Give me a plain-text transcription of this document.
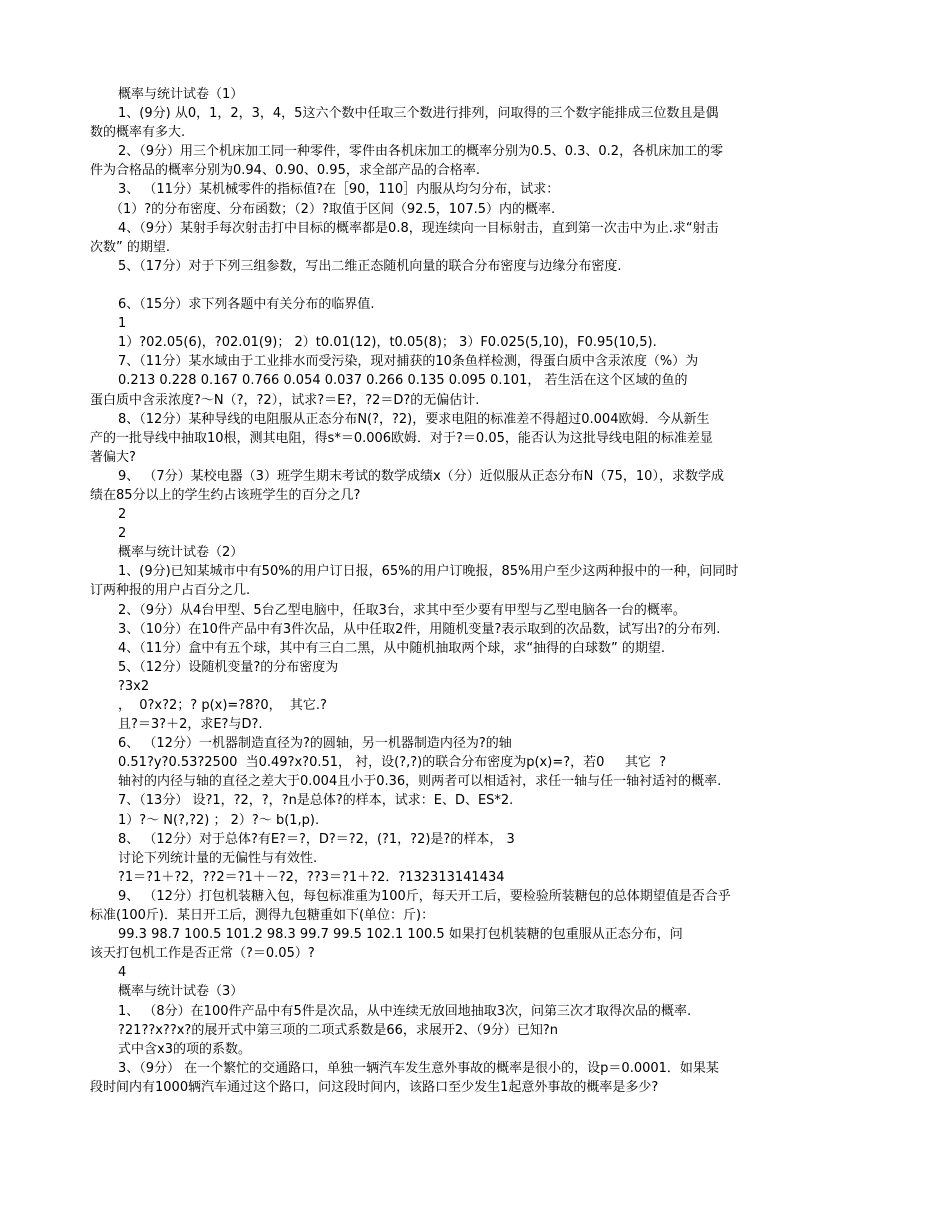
概率与统计试卷（1）
1、(9分) 从0，1，2，3，4，5这六个数中任取三个数进行排列，问取得的三个数字能排成三位数且是偶
数的概率有多大.
2、（9分）用三个机床加工同一种零件，零件由各机床加工的概率分别为0.5、0.3、0.2，各机床加工的零
件为合格品的概率分别为0.94、0.90、0.95，求全部产品的合格率.
3、 （11分）某机械零件的指标值?在［90，110］内服从均匀分布，试求：
（1）?的分布密度、分布函数；（2）?取值于区间（92.5，107.5）内的概率.
4、（9分）某射手每次射击打中目标的概率都是0.8，现连续向一目标射击，直到第一次击中为止.求“射击
次数” 的期望.
5、（17分）对于下列三组参数，写出二维正态随机向量的联合分布密度与边缘分布密度.
6、（15分）求下列各题中有关分布的临界值.
1
1）?02.05(6)，?02.01(9)； 2）t0.01(12)，t0.05(8)； 3）F0.025(5,10)，F0.95(10,5).
7、（11分）某水域由于工业排水而受污染，现对捕获的10条鱼样检测，得蛋白质中含汞浓度（%）为
0.213 0.228 0.167 0.766 0.054 0.037 0.266 0.135 0.095 0.101， 若生活在这个区域的鱼的
蛋白质中含汞浓度?～N（?，?2），试求?＝E?，?2＝D?的无偏估计.
8、（12分）某种导线的电阻服从正态分布N(?，?2)，要求电阻的标准差不得超过0.004欧姆．今从新生
产的一批导线中抽取10根，测其电阻，得s*＝0.006欧姆．对于?＝0.05，能否认为这批导线电阻的标准差显
著偏大?
9、 （7分）某校电器（3）班学生期末考试的数学成绩x（分）近似服从正态分布N（75，10），求数学成
绩在85分以上的学生约占该班学生的百分之几?
2
2
概率与统计试卷（2）
1、(9分)已知某城市中有50%的用户订日报，65%的用户订晚报，85%用户至少这两种报中的一种，问同时
订两种报的用户占百分之几.
2、（9分）从4台甲型、5台乙型电脑中，任取3台，求其中至少要有甲型与乙型电脑各一台的概率。
3、（10分）在10件产品中有3件次品，从中任取2件，用随机变量?表示取到的次品数，试写出?的分布列.
4、（11分）盒中有五个球，其中有三白二黑，从中随机抽取两个球，求“抽得的白球数” 的期望.
5、（12分）设随机变量?的分布密度为
?3x2
，  0?x?2；? p(x)=?8?0，  其它.?
且?＝3?＋2，求E?与D?.
6、 （12分）一机器制造直径为?的圆轴，另一机器制造内径为?的轴
0.51?y?0.53?2500  当0.49?x?0.51， 衬，设(?,?)的联合分布密度为p(x)=?，若0     其它  ?
轴衬的内径与轴的直径之差大于0.004且小于0.36，则两者可以相适衬，求任一轴与任一轴衬适衬的概率.
7、（13分） 设?1，?2，?，?n是总体?的样本，试求：E、D、ES*2.
1）?～ N(?,?2) ； 2）?～ b(1,p).
8、 （12分）对于总体?有E?＝?，D?＝?2，(?1，?2)是?的样本， 3
讨论下列统计量的无偏性与有效性.
?1＝?1＋?2，??2＝?1＋－?2，??3＝?1＋?2．?132313141434
9、 （12分）打包机装糖入包，每包标准重为100斤，每天开工后，要检验所装糖包的总体期望值是否合乎
标准(100斤)．某日开工后，测得九包糖重如下(单位：斤)：
99.3 98.7 100.5 101.2 98.3 99.7 99.5 102.1 100.5 如果打包机装糖的包重服从正态分布，问
该天打包机工作是否正常（?＝0.05）?
4
概率与统计试卷（3）
1、 （8分）在100件产品中有5件是次品，从中连续无放回地抽取3次，问第三次才取得次品的概率.
?21??x??x?的展开式中第三项的二项式系数是66，求展开2、（9分）已知?n
式中含x3的项的系数。
3、（9分） 在一个繁忙的交通路口，单独一辆汽车发生意外事故的概率是很小的，设p＝0.0001．如果某
段时间内有1000辆汽车通过这个路口，问这段时间内，该路口至少发生1起意外事故的概率是多少?
